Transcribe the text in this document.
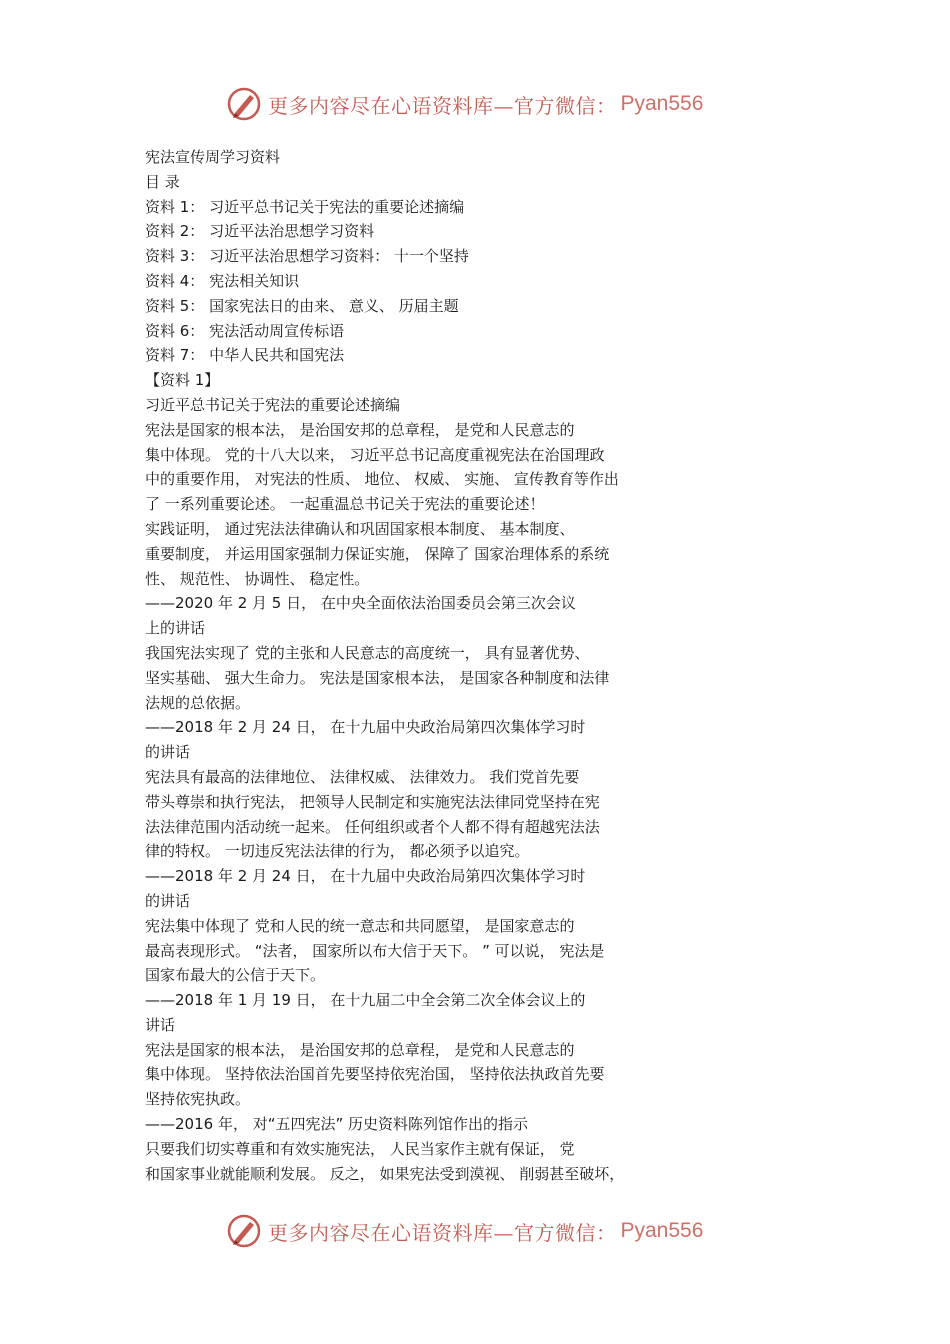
更多内容尽在心语资料库—官方微信： Pyan556
宪法宣传周学习资料
目 录
资料 1： 习近平总书记关于宪法的重要论述摘编
资料 2： 习近平法治思想学习资料
资料 3： 习近平法治思想学习资料： 十一个坚持
资料 4： 宪法相关知识
资料 5： 国家宪法日的由来、 意义、 历届主题
资料 6： 宪法活动周宣传标语
资料 7： 中华人民共和国宪法
【资料 1】
习近平总书记关于宪法的重要论述摘编
宪法是国家的根本法， 是治国安邦的总章程， 是党和人民意志的
集中体现。 党的十八大以来， 习近平总书记高度重视宪法在治国理政
中的重要作用， 对宪法的性质、 地位、 权威、 实施、 宣传教育等作出
了 一系列重要论述。 一起重温总书记关于宪法的重要论述！
实践证明， 通过宪法法律确认和巩固国家根本制度、 基本制度、
重要制度， 并运用国家强制力保证实施， 保障了 国家治理体系的系统
性、 规范性、 协调性、 稳定性。
——2020 年 2 月 5 日， 在中央全面依法治国委员会第三次会议
上的讲话
我国宪法实现了 党的主张和人民意志的高度统一， 具有显著优势、
坚实基础、 强大生命力。 宪法是国家根本法， 是国家各种制度和法律
法规的总依据。
——2018 年 2 月 24 日， 在十九届中央政治局第四次集体学习时
的讲话
宪法具有最高的法律地位、 法律权威、 法律效力。 我们党首先要
带头尊崇和执行宪法， 把领导人民制定和实施宪法法律同党坚持在宪
法法律范围内活动统一起来。 任何组织或者个人都不得有超越宪法法
律的特权。 一切违反宪法法律的行为， 都必须予以追究。
——2018 年 2 月 24 日， 在十九届中央政治局第四次集体学习时
的讲话
宪法集中体现了 党和人民的统一意志和共同愿望， 是国家意志的
最高表现形式。 “法者， 国家所以布大信于天下。 ” 可以说， 宪法是
国家布最大的公信于天下。
——2018 年 1 月 19 日， 在十九届二中全会第二次全体会议上的
讲话
宪法是国家的根本法， 是治国安邦的总章程， 是党和人民意志的
集中体现。 坚持依法治国首先要坚持依宪治国， 坚持依法执政首先要
坚持依宪执政。
——2016 年， 对“五四宪法” 历史资料陈列馆作出的指示
只要我们切实尊重和有效实施宪法， 人民当家作主就有保证， 党
和国家事业就能顺利发展。 反之， 如果宪法受到漠视、 削弱甚至破坏，
更多内容尽在心语资料库—官方微信： Pyan556
